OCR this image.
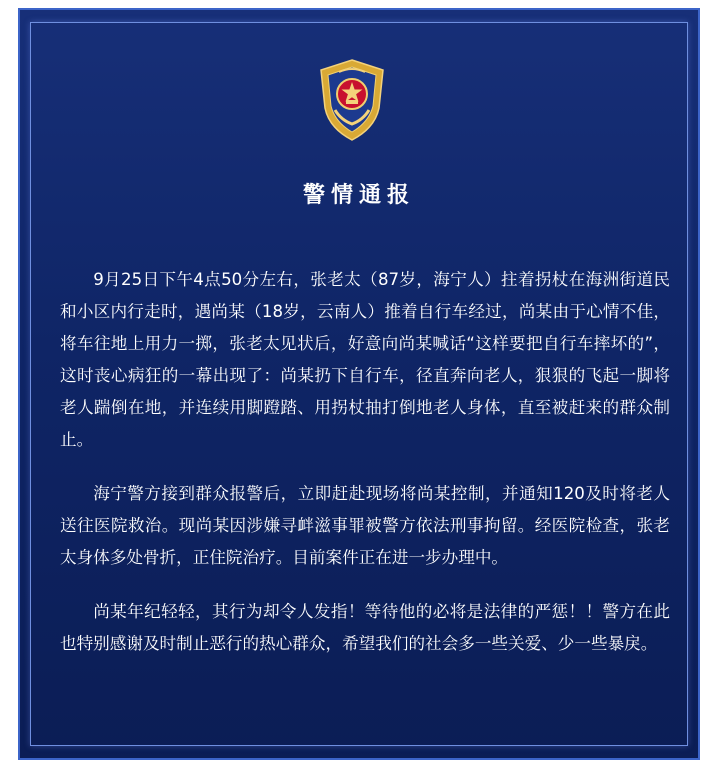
警情通报

9月25日下午4点50分左右，张老太（87岁，海宁人）拄着拐杖在海洲街道民和小区内行走时，遇尚某（18岁，云南人）推着自行车经过，尚某由于心情不佳，将车往地上用力一掷，张老太见状后，好意向尚某喊话“这样要把自行车摔坏的”，这时丧心病狂的一幕出现了：尚某扔下自行车，径直奔向老人，狠狠的飞起一脚将老人踹倒在地，并连续用脚蹬踏、用拐杖抽打倒地老人身体，直至被赶来的群众制止。

海宁警方接到群众报警后，立即赶赴现场将尚某控制，并通知120及时将老人送往医院救治。现尚某因涉嫌寻衅滋事罪被警方依法刑事拘留。经医院检查，张老太身体多处骨折，正住院治疗。目前案件正在进一步办理中。

尚某年纪轻轻，其行为却令人发指！等待他的必将是法律的严惩！！警方在此也特别感谢及时制止恶行的热心群众，希望我们的社会多一些关爱、少一些暴戾。
